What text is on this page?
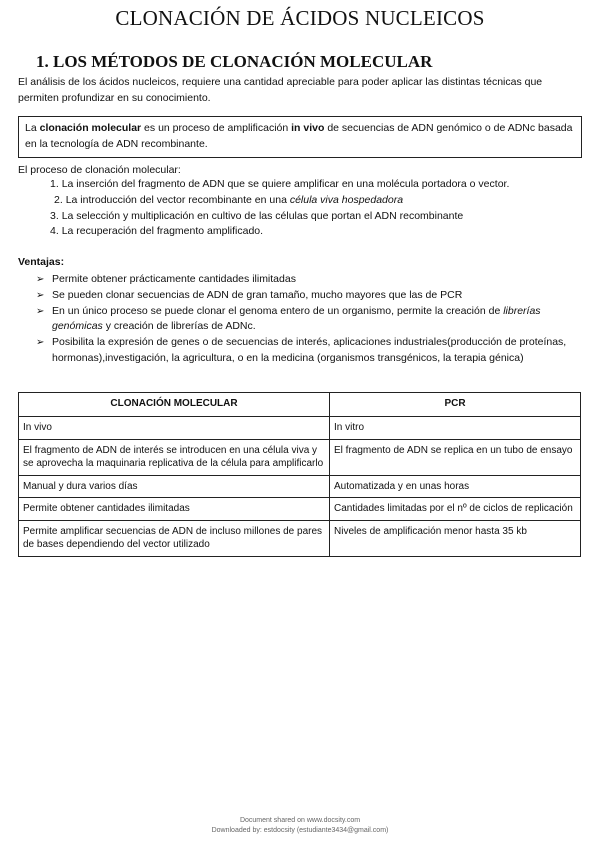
CLONACIÓN DE ÁCIDOS NUCLEICOS
1. LOS MÉTODOS DE CLONACIÓN MOLECULAR
El análisis de los ácidos nucleicos, requiere una cantidad apreciable para poder aplicar las distintas técnicas que permiten profundizar en su conocimiento.
La clonación molecular es un proceso de amplificación in vivo de secuencias de ADN genómico o de ADNc basada en la tecnología de ADN recombinante.
El proceso de clonación molecular:
1. La inserción del fragmento de ADN que se quiere amplificar en una molécula portadora o vector.
2. La introducción del vector recombinante en una célula viva hospedadora
3. La selección y multiplicación en cultivo de las células que portan el ADN recombinante
4. La recuperación del fragmento amplificado.
Ventajas:
➢ Permite obtener prácticamente cantidades ilimitadas
➢ Se pueden clonar secuencias de ADN de gran tamaño, mucho mayores que las de PCR
➢ En un único proceso se puede clonar el genoma entero de un organismo, permite la creación de librerías genómicas y creación de librerías de ADNc.
➢ Posibilita la expresión de genes o de secuencias de interés, aplicaciones industriales(producción de proteínas, hormonas),investigación, la agricultura, o en la medicina (organismos transgénicos, la terapia génica)
CLONACIÓN MOLECULAR	PCR
In vivo	In vitro
El fragmento de ADN de interés se introducen en una célula viva y se aprovecha la maquinaria replicativa de la célula para amplificarlo	El fragmento de ADN se replica en un tubo de ensayo
Manual y dura varios días	Automatizada y en unas horas
Permite obtener cantidades ilimitadas	Cantidades limitadas por el nº de ciclos de replicación
Permite amplificar secuencias de ADN de incluso millones de pares de bases dependiendo del vector utilizado	Niveles de amplificación menor hasta 35 kb
Document shared on www.docsity.com
Downloaded by: estdocsity (estudiante3434@gmail.com)
